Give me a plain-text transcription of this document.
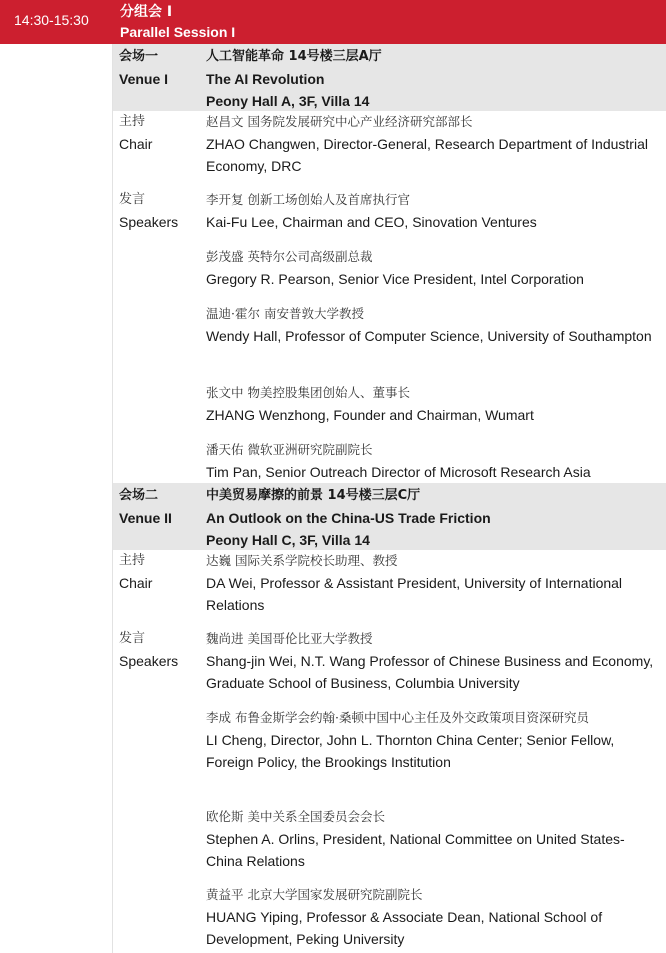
14:30-15:30	分组会 I
Parallel Session I
会场一
Venue I
人工智能革命 14号楼三层A厅
The AI Revolution
Peony Hall A, 3F, Villa 14
主持
Chair
赵昌文 国务院发展研究中心产业经济研究部部长
ZHAO Changwen, Director-General, Research Department of Industrial Economy, DRC
发言
Speakers
李开复 创新工场创始人及首席执行官
Kai-Fu Lee, Chairman and CEO, Sinovation Ventures
彭茂盛 英特尔公司高级副总裁
Gregory R. Pearson, Senior Vice President, Intel Corporation
温迪·霍尔 南安普敦大学教授
Wendy Hall, Professor of Computer Science, University of Southampton
张文中 物美控股集团创始人、董事长
ZHANG Wenzhong, Founder and Chairman, Wumart
潘天佑 微软亚洲研究院副院长
Tim Pan, Senior Outreach Director of Microsoft Research Asia
会场二
Venue II
中美贸易摩擦的前景 14号楼三层C厅
An Outlook on the China-US Trade Friction
Peony Hall C, 3F, Villa 14
主持
Chair
达巍 国际关系学院校长助理、教授
DA Wei, Professor & Assistant President, University of International Relations
发言
Speakers
魏尚进 美国哥伦比亚大学教授
Shang-jin Wei, N.T. Wang Professor of Chinese Business and Economy, Graduate School of Business, Columbia University
李成 布鲁金斯学会约翰·桑顿中国中心主任及外交政策项目资深研究员
LI Cheng, Director, John L. Thornton China Center; Senior Fellow, Foreign Policy, the Brookings Institution
欧伦斯 美中关系全国委员会会长
Stephen A. Orlins, President, National Committee on United States-China Relations
黄益平 北京大学国家发展研究院副院长
HUANG Yiping, Professor & Associate Dean, National School of Development, Peking University
